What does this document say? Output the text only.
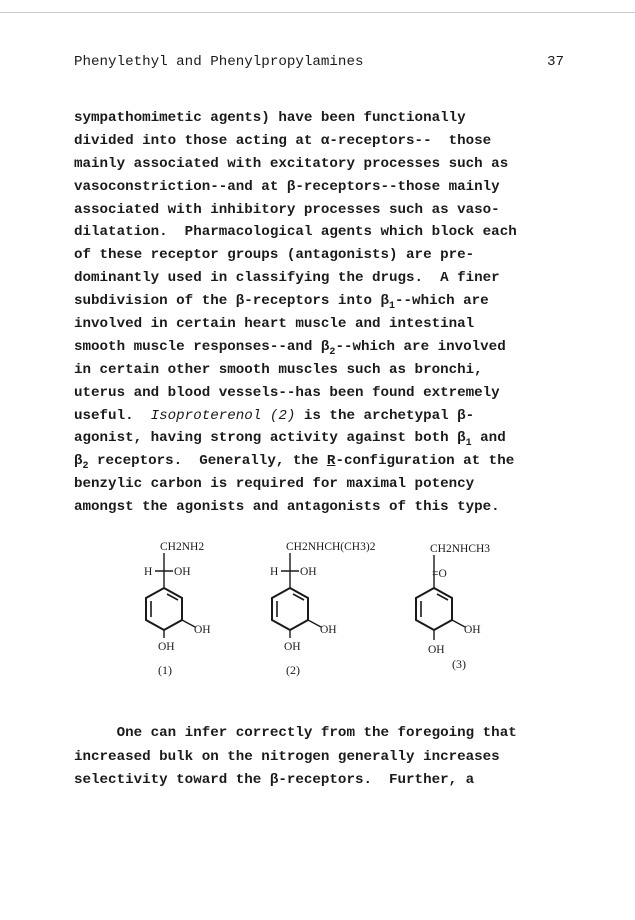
Phenylethyl and Phenylpropylamines	37
sympathomimetic agents) have been functionally
divided into those acting at α-receptors--  those
mainly associated with excitatory processes such as
vasoconstriction--and at β-receptors--those mainly
associated with inhibitory processes such as vaso-
dilatation.  Pharmacological agents which block each
of these receptor groups (antagonists) are pre-
dominantly used in classifying the drugs.  A finer
subdivision of the β-receptors into $\beta_1-$-which are
involved in certain heart muscle and intestinal
smooth muscle responses--and $\beta_2-$-which are involved
in certain other smooth muscles such as bronchi,
uterus and blood vessels--has been found extremely
useful.  Isoproterenol (2) is the archetypal β-
agonist, having strong activity against both $\beta_1$ and
$\beta_2$ receptors.  Generally, the R-configuration at the
benzylic carbon is required for maximal potency
amongst the agonists and antagonists of this type.
CH2NH2
H OH
OH
OH
(1)
CH2NHCH(CH3)2
H OH
OH
OH
(2)
CH2NHCH3
=O
OH
OH
(3)
One can infer correctly from the foregoing that
increased bulk on the nitrogen generally increases
selectivity toward the β-receptors.  Further, a
